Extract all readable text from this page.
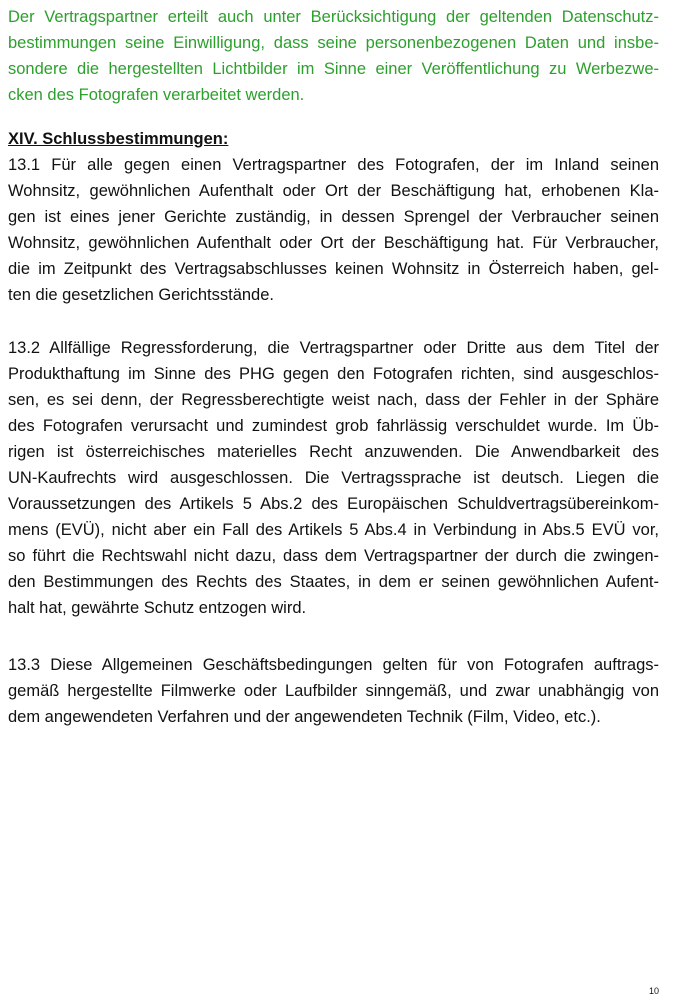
Der Vertragspartner erteilt auch unter Berücksichtigung der geltenden Datenschutz-
bestimmungen seine Einwilligung, dass seine personenbezogenen Daten und insbe-
sondere die hergestellten Lichtbilder im Sinne einer Veröffentlichung zu Werbezwe-
cken des Fotografen verarbeitet werden.
XIV. Schlussbestimmungen:
13.1 Für alle gegen einen Vertragspartner des Fotografen, der im Inland seinen
Wohnsitz, gewöhnlichen Aufenthalt oder Ort der Beschäftigung hat, erhobenen Kla-
gen ist eines jener Gerichte zuständig, in dessen Sprengel der Verbraucher seinen
Wohnsitz, gewöhnlichen Aufenthalt oder Ort der Beschäftigung hat. Für Verbraucher,
die im Zeitpunkt des Vertragsabschlusses keinen Wohnsitz in Österreich haben, gel-
ten die gesetzlichen Gerichtsstände.
13.2 Allfällige Regressforderung, die Vertragspartner oder Dritte aus dem Titel der
Produkthaftung im Sinne des PHG gegen den Fotografen richten, sind ausgeschlos-
sen, es sei denn, der Regressberechtigte weist nach, dass der Fehler in der Sphäre
des Fotografen verursacht und zumindest grob fahrlässig verschuldet wurde. Im Üb-
rigen ist österreichisches materielles Recht anzuwenden. Die Anwendbarkeit des
UN-Kaufrechts wird ausgeschlossen. Die Vertragssprache ist deutsch. Liegen die
Voraussetzungen des Artikels 5 Abs.2 des Europäischen Schuldvertragsübereinkom-
mens (EVÜ), nicht aber ein Fall des Artikels 5 Abs.4 in Verbindung in Abs.5 EVÜ vor,
so führt die Rechtswahl nicht dazu, dass dem Vertragspartner der durch die zwingen-
den Bestimmungen des Rechts des Staates, in dem er seinen gewöhnlichen Aufent-
halt hat, gewährte Schutz entzogen wird.
13.3 Diese Allgemeinen Geschäftsbedingungen gelten für von Fotografen auftrags-
gemäß hergestellte Filmwerke oder Laufbilder sinngemäß, und zwar unabhängig von
dem angewendeten Verfahren und der angewendeten Technik (Film, Video, etc.).
10
